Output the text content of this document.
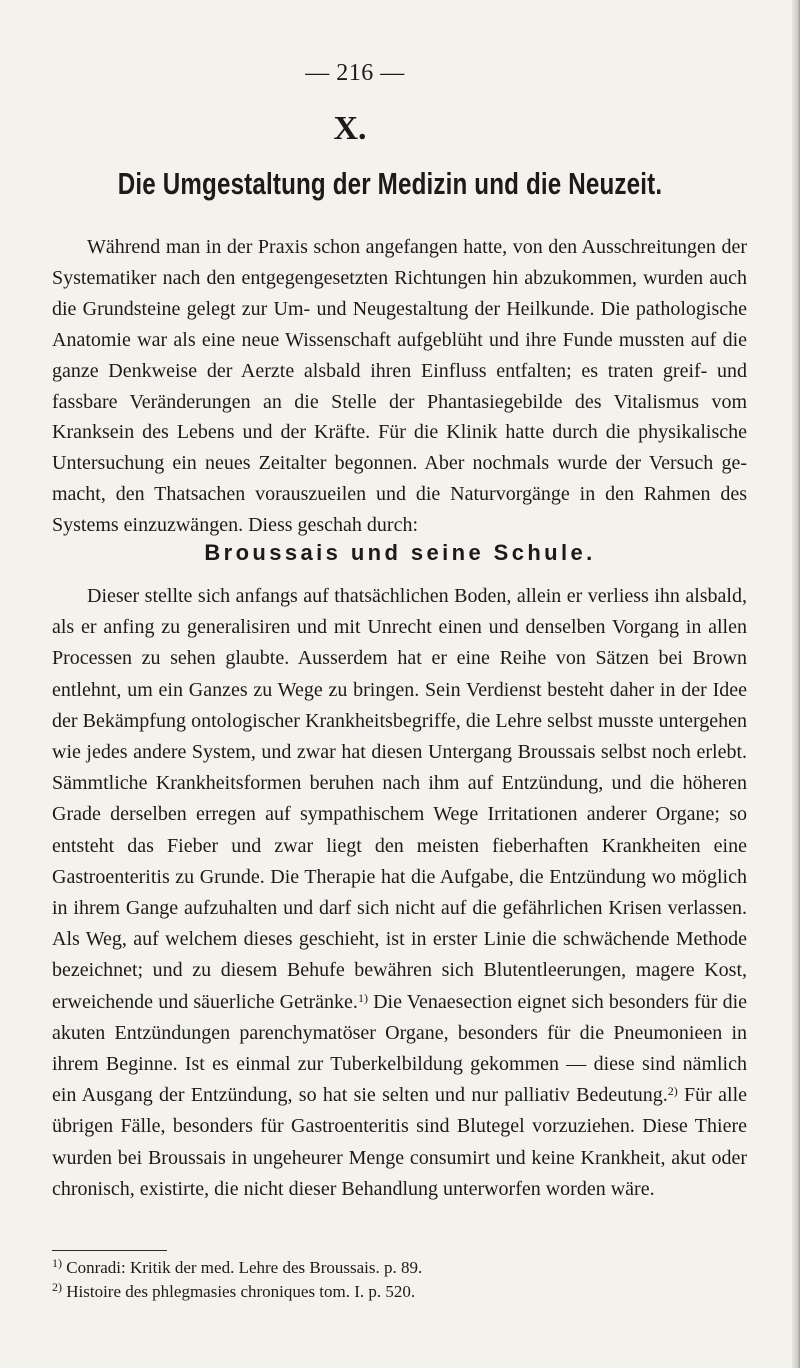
— 216 —
X.
Die Umgestaltung der Medizin und die Neuzeit.

Während man in der Praxis schon angefangen hatte, von den Ausschreitungen der Systematiker nach den entgegengesetzten Richtungen hin abzukommen, wurden auch die Grundsteine gelegt zur Um- und Neugestaltung der Heilkunde. Die pathologische Anatomie war als eine neue Wissenschaft aufgeblüht und ihre Funde mussten auf die ganze Denkweise der Aerzte alsbald ihren Einfluss entfalten; es traten greif- und fassbare Veränderungen an die Stelle der Phantasiegebilde des Vitalismus vom Kranksein des Lebens und der Kräfte. Für die Klinik hatte durch die physikalische Untersuchung ein neues Zeitalter begonnen. Aber nochmals wurde der Versuch gemacht, den Thatsachen vorauszueilen und die Naturvorgänge in den Rahmen des Systems einzuzwängen. Diess geschah durch:

Broussais und seine Schule.

Dieser stellte sich anfangs auf thatsächlichen Boden, allein er verliess ihn alsbald, als er anfing zu generalisiren und mit Unrecht einen und denselben Vorgang in allen Processen zu sehen glaubte. Ausserdem hat er eine Reihe von Sätzen bei Brown entlehnt, um ein Ganzes zu Wege zu bringen. Sein Verdienst besteht daher in der Idee der Bekämpfung ontologischer Krankheitsbegriffe, die Lehre selbst musste untergehen wie jedes andere System, und zwar hat diesen Untergang Broussais selbst noch erlebt. Sämmtliche Krankheitsformen beruhen nach ihm auf Entzündung, und die höheren Grade derselben erregen auf sympathischem Wege Irritationen anderer Organe; so entsteht das Fieber und zwar liegt den meisten fieberhaften Krankheiten eine Gastroenteritis zu Grunde. Die Therapie hat die Aufgabe, die Entzündung wo möglich in ihrem Gange aufzuhalten und darf sich nicht auf die gefährlichen Krisen verlassen. Als Weg, auf welchem dieses geschieht, ist in erster Linie die schwächende Methode bezeichnet; und zu diesem Behufe bewähren sich Blutentleerungen, magere Kost, erweichende und säuerliche Getränke.$^{1)}$ Die Venaesection eignet sich besonders für die akuten Entzündungen parenchymatöser Organe, besonders für die Pneumonieen in ihrem Beginne. Ist es einmal zur Tuberkelbildung gekommen — diese sind nämlich ein Ausgang der Entzündung, so hat sie selten und nur palliativ Bedeutung.$^{2)}$ Für alle übrigen Fälle, besonders für Gastroenteritis sind Blutegel vorzuziehen. Diese Thiere wurden bei Broussais in ungeheurer Menge consumirt und keine Krankheit, akut oder chronisch, existirte, die nicht dieser Behandlung unterworfen worden wäre.

$^{1)}$ Conradi: Kritik der med. Lehre des Broussais. p. 89.

$^{2)}$ Histoire des phlegmasies chroniques tom. I. p. 520.
